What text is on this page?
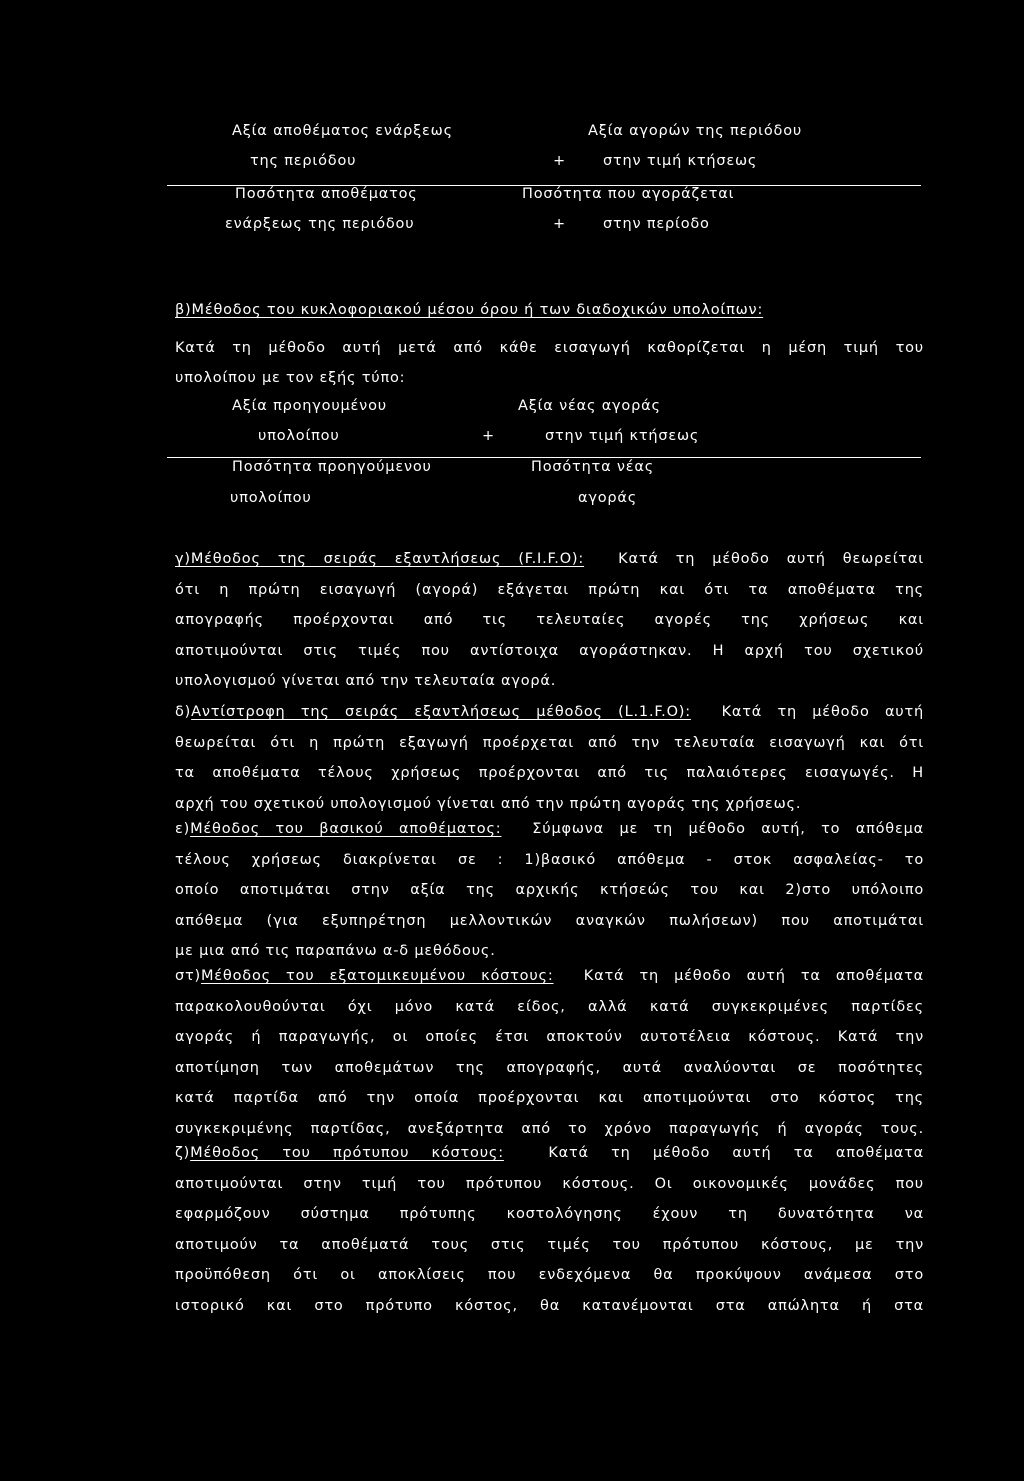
Αξία αποθέματος ενάρξεως	Αξία αγορών της περιόδου
της περιόδου	+	στην τιμή κτήσεως
Ποσότητα αποθέματος	Ποσότητα που αγοράζεται
ενάρξεως της περιόδου	+	στην περίοδο
β)Μέθοδος του κυκλοφοριακού μέσου όρου ή των διαδοχικών υπολοίπων:
Κατά τη μέθοδο αυτή μετά από κάθε εισαγωγή καθορίζεται η μέση τιμή του
υπολοίπου με τον εξής τύπο:
Αξία προηγουμένου	Αξία νέας αγοράς
υπολοίπου	+	στην τιμή κτήσεως
Ποσότητα προηγούμενου	Ποσότητα νέας
υπολοίπου	αγοράς
γ)Μέθοδος της σειράς εξαντλήσεως (F.I.F.O): Κατά τη μέθοδο αυτή θεωρείται
ότι η πρώτη εισαγωγή (αγορά) εξάγεται πρώτη και ότι τα αποθέματα της
απογραφής προέρχονται από τις τελευταίες αγορές της χρήσεως και
αποτιμούνται στις τιμές που αντίστοιχα αγοράστηκαν. Η αρχή του σχετικού
υπολογισμού γίνεται από την τελευταία αγορά.
δ)Αντίστροφη της σειράς εξαντλήσεως μέθοδος (L.1.F.O): Κατά τη μέθοδο αυτή
θεωρείται ότι η πρώτη εξαγωγή προέρχεται από την τελευταία εισαγωγή και ότι
τα αποθέματα τέλους χρήσεως προέρχονται από τις παλαιότερες εισαγωγές. Η
αρχή του σχετικού υπολογισμού γίνεται από την πρώτη αγοράς της χρήσεως.
ε)Μέθοδος του βασικού αποθέματος: Σύμφωνα με τη μέθοδο αυτή, το απόθεμα
τέλους χρήσεως διακρίνεται σε : 1)βασικό απόθεμα - στοκ ασφαλείας- το
οποίο αποτιμάται στην αξία της αρχικής κτήσεώς του και 2)στο υπόλοιπο
απόθεμα (για εξυπηρέτηση μελλοντικών αναγκών πωλήσεων) που αποτιμάται
με μια από τις παραπάνω α-δ μεθόδους.
στ)Μέθοδος του εξατομικευμένου κόστους: Κατά τη μέθοδο αυτή τα αποθέματα
παρακολουθούνται όχι μόνο κατά είδος, αλλά κατά συγκεκριμένες παρτίδες
αγοράς ή παραγωγής, οι οποίες έτσι αποκτούν αυτοτέλεια κόστους. Κατά την
αποτίμηση των αποθεμάτων της απογραφής, αυτά αναλύονται σε ποσότητες
κατά παρτίδα από την οποία προέρχονται και αποτιμούνται στο κόστος της
συγκεκριμένης παρτίδας, ανεξάρτητα από το χρόνο παραγωγής ή αγοράς τους.
ζ)Μέθοδος του πρότυπου κόστους:	Κατά τη μέθοδο αυτή τα αποθέματα
αποτιμούνται στην τιμή του πρότυπου κόστους. Οι οικονομικές μονάδες που
εφαρμόζουν σύστημα πρότυπης κοστολόγησης έχουν τη δυνατότητα να
αποτιμούν τα αποθέματά τους στις τιμές του πρότυπου κόστους, με την
προϋπόθεση ότι οι αποκλίσεις που ενδεχόμενα θα προκύψουν ανάμεσα στο
ιστορικό και στο πρότυπο κόστος, θα κατανέμονται στα απώλητα ή στα
